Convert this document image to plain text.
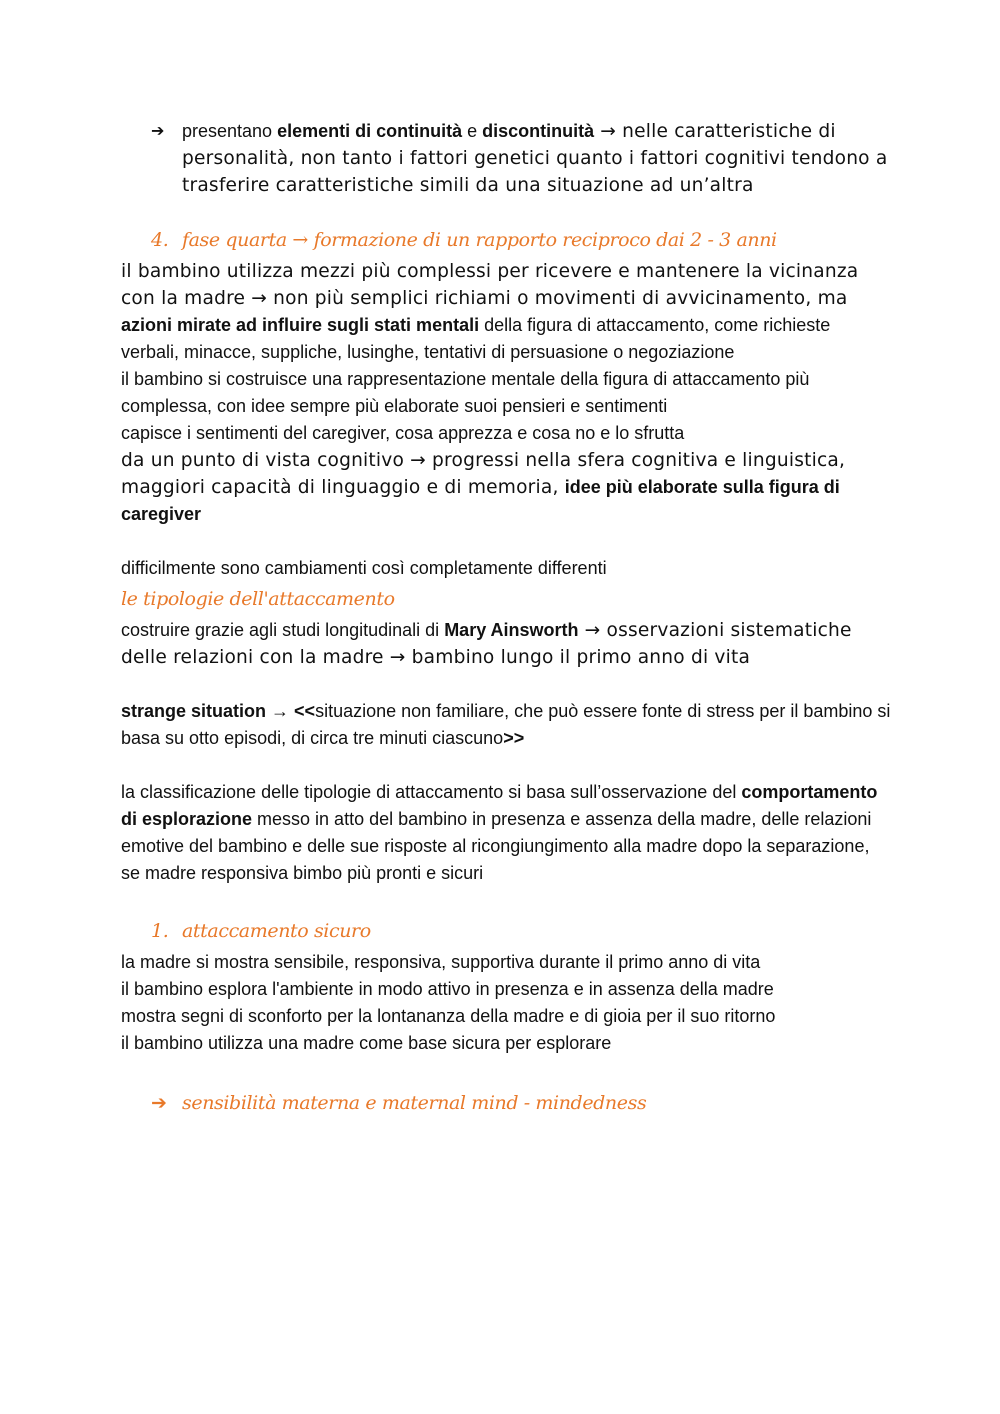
➔ presentano elementi di continuità e discontinuità → nelle caratteristiche di personalità, non tanto i fattori genetici quanto i fattori cognitivi tendono a trasferire caratteristiche simili da una situazione ad un’altra
4. fase quarta → formazione di un rapporto reciproco dai 2 - 3 anni
il bambino utilizza mezzi più complessi per ricevere e mantenere la vicinanza con la madre → non più semplici richiami o movimenti di avvicinamento, ma azioni mirate ad influire sugli stati mentali della figura di attaccamento, come richieste verbali, minacce, suppliche, lusinghe, tentativi di persuasione o negoziazione
il bambino si costruisce una rappresentazione mentale della figura di attaccamento più complessa, con idee sempre più elaborate suoi pensieri e sentimenti
capisce i sentimenti del caregiver, cosa apprezza e cosa no e lo sfrutta
da un punto di vista cognitivo → progressi nella sfera cognitiva e linguistica, maggiori capacità di linguaggio e di memoria, idee più elaborate sulla figura di caregiver
difficilmente sono cambiamenti così completamente differenti
le tipologie dell'attaccamento
costruire grazie agli studi longitudinali di Mary Ainsworth → osservazioni sistematiche delle relazioni con la madre → bambino lungo il primo anno di vita
strange situation → <<situazione non familiare, che può essere fonte di stress per il bambino si basa su otto episodi, di circa tre minuti ciascuno>>
la classificazione delle tipologie di attaccamento si basa sull’osservazione del comportamento di esplorazione messo in atto del bambino in presenza e assenza della madre, delle relazioni emotive del bambino e delle sue risposte al ricongiungimento alla madre dopo la separazione, se madre responsiva bimbo più pronti e sicuri
1. attaccamento sicuro
la madre si mostra sensibile, responsiva, supportiva durante il primo anno di vita
il bambino esplora l'ambiente in modo attivo in presenza e in assenza della madre
mostra segni di sconforto per la lontananza della madre e di gioia per il suo ritorno
il bambino utilizza una madre come base sicura per esplorare
➔ sensibilità materna e maternal mind - mindedness
